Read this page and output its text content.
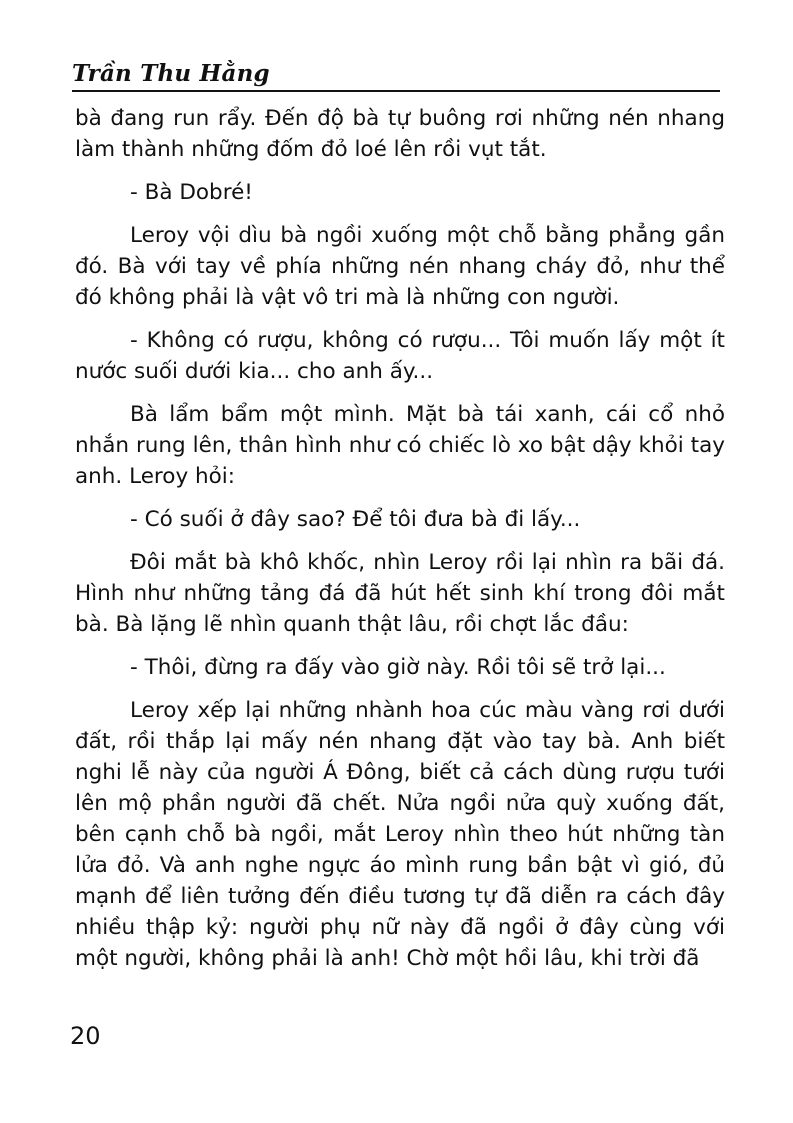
Trần Thu Hằng

bà đang run rẩy. Đến độ bà tự buông rơi những nén nhang làm thành những đốm đỏ loé lên rồi vụt tắt.

- Bà Dobré!

Leroy vội dìu bà ngồi xuống một chỗ bằng phẳng gần đó. Bà với tay về phía những nén nhang cháy đỏ, như thể đó không phải là vật vô tri mà là những con người.

- Không có rượu, không có rượu... Tôi muốn lấy một ít nước suối dưới kia... cho anh ấy...

Bà lẩm bẩm một mình. Mặt bà tái xanh, cái cổ nhỏ nhắn rung lên, thân hình như có chiếc lò xo bật dậy khỏi tay anh. Leroy hỏi:

- Có suối ở đây sao? Để tôi đưa bà đi lấy...

Đôi mắt bà khô khốc, nhìn Leroy rồi lại nhìn ra bãi đá. Hình như những tảng đá đã hút hết sinh khí trong đôi mắt bà. Bà lặng lẽ nhìn quanh thật lâu, rồi chợt lắc đầu:

- Thôi, đừng ra đấy vào giờ này. Rồi tôi sẽ trở lại...

Leroy xếp lại những nhành hoa cúc màu vàng rơi dưới đất, rồi thắp lại mấy nén nhang đặt vào tay bà. Anh biết nghi lễ này của người Á Đông, biết cả cách dùng rượu tưới lên mộ phần người đã chết. Nửa ngồi nửa quỳ xuống đất, bên cạnh chỗ bà ngồi, mắt Leroy nhìn theo hút những tàn lửa đỏ. Và anh nghe ngực áo mình rung bần bật vì gió, đủ mạnh để liên tưởng đến điều tương tự đã diễn ra cách đây nhiều thập kỷ: người phụ nữ này đã ngồi ở đây cùng với một người, không phải là anh! Chờ một hồi lâu, khi trời đã

20
